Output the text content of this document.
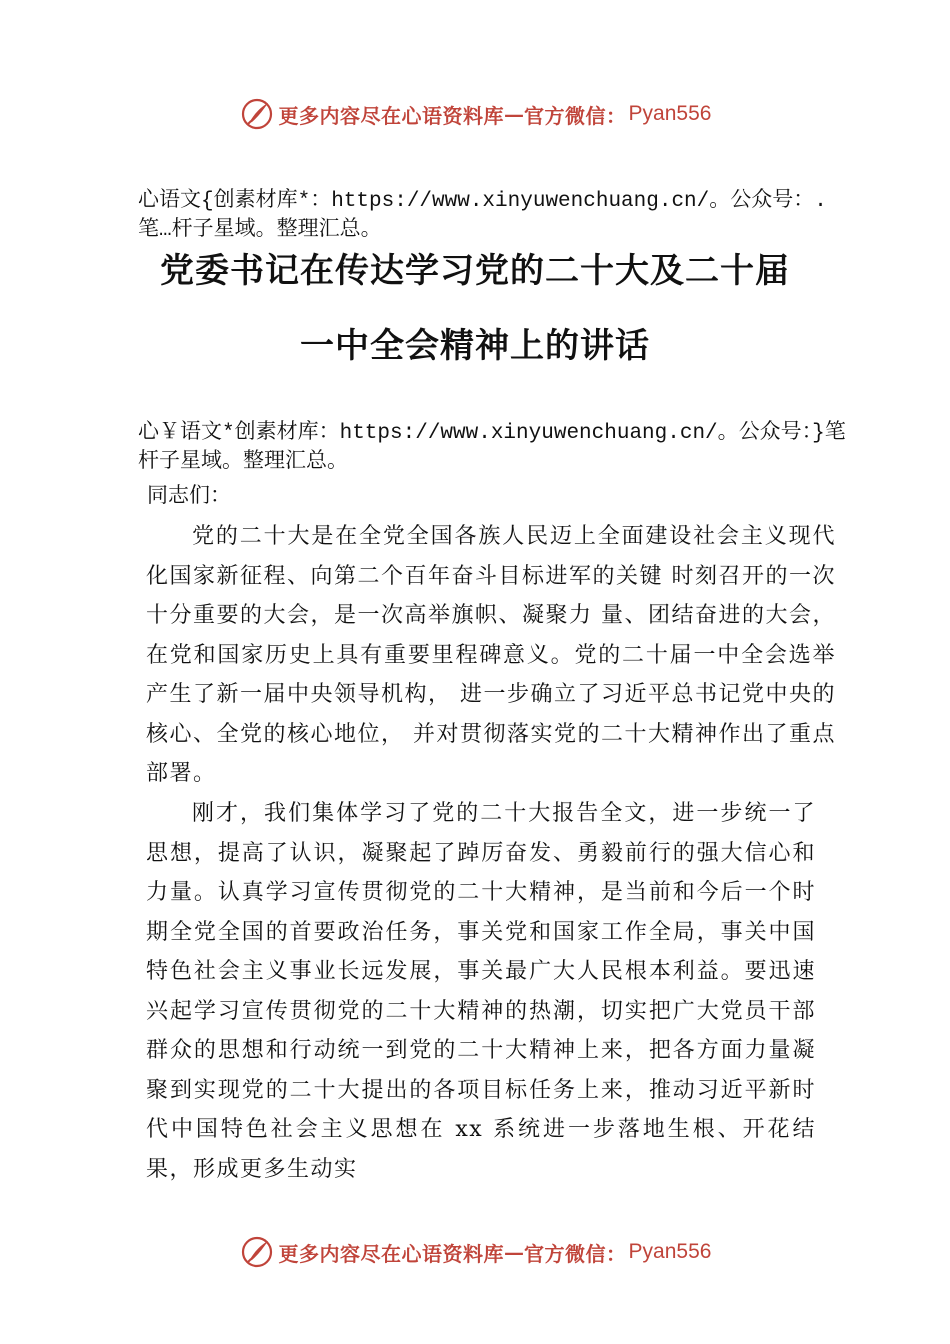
更多内容尽在心语资料库 — 官方微信： Pyan556
心语文{创素材库*：https://www.xinyuwenchuang.cn/。公众号：.笔…杆子星域。整理汇总。
党委书记在传达学习党的二十大及二十届
一中全会精神上的讲话
心￥语文*创素材库：https://www.xinyuwenchuang.cn/。公众号：}笔杆子星域。整理汇总。
同志们：
党的二十大是在全党全国各族人民迈上全面建设社会主义现代化国家新征程、向第二个百年奋斗目标进军的关键 时刻召开的一次十分重要的大会，是一次高举旗帜、凝聚力 量、团结奋进的大会，在党和国家历史上具有重要里程碑意义。党的二十届一中全会选举产生了新一届中央领导机构， 进一步确立了习近平总书记党中央的核心、全党的核心地位， 并对贯彻落实党的二十大精神作出了重点部署。
刚才，我们集体学习了党的二十大报告全文，进一步统一了思想，提高了认识，凝聚起了踔厉奋发、勇毅前行的强大信心和力量。认真学习宣传贯彻党的二十大精神，是当前和今后一个时期全党全国的首要政治任务，事关党和国家工作全局，事关中国特色社会主义事业长远发展，事关最广大人民根本利益。要迅速兴起学习宣传贯彻党的二十大精神的热潮，切实把广大党员干部群众的思想和行动统一到党的二十大精神上来，把各方面力量凝聚到实现党的二十大提出的各项目标任务上来，推动习近平新时代中国特色社会主义思想在 xx 系统进一步落地生根、开花结果，形成更多生动实
更多内容尽在心语资料库 — 官方微信： Pyan556
